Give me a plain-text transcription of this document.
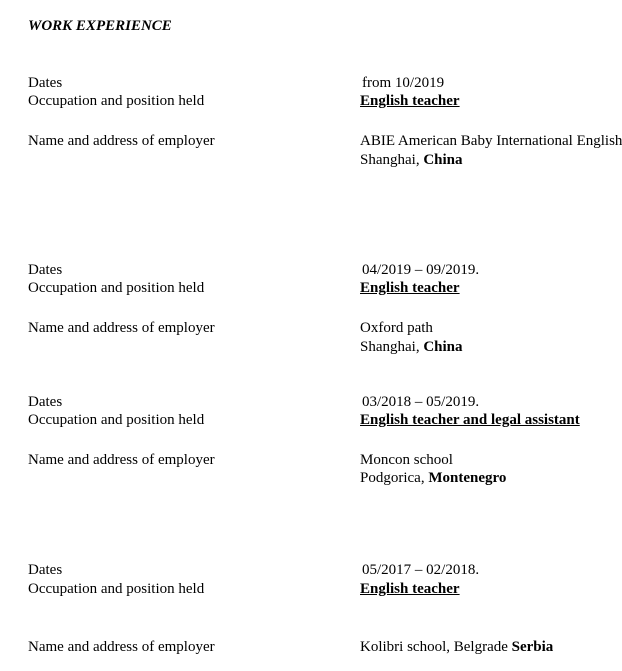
WORK EXPERIENCE
Dates	from 10/2019
Occupation and position held	English teacher
Name and address of employer	ABIE American Baby International English
Shanghai, China
Dates	04/2019 – 09/2019.
Occupation and position held	English teacher
Name and address of employer	Oxford path
Shanghai, China
Dates	03/2018 – 05/2019.
Occupation and position held	English teacher and legal assistant
Name and address of employer	Moncon school
Podgorica, Montenegro
Dates	05/2017 – 02/2018.
Occupation and position held	English teacher
Name and address of employer	Kolibri school, Belgrade Serbia
